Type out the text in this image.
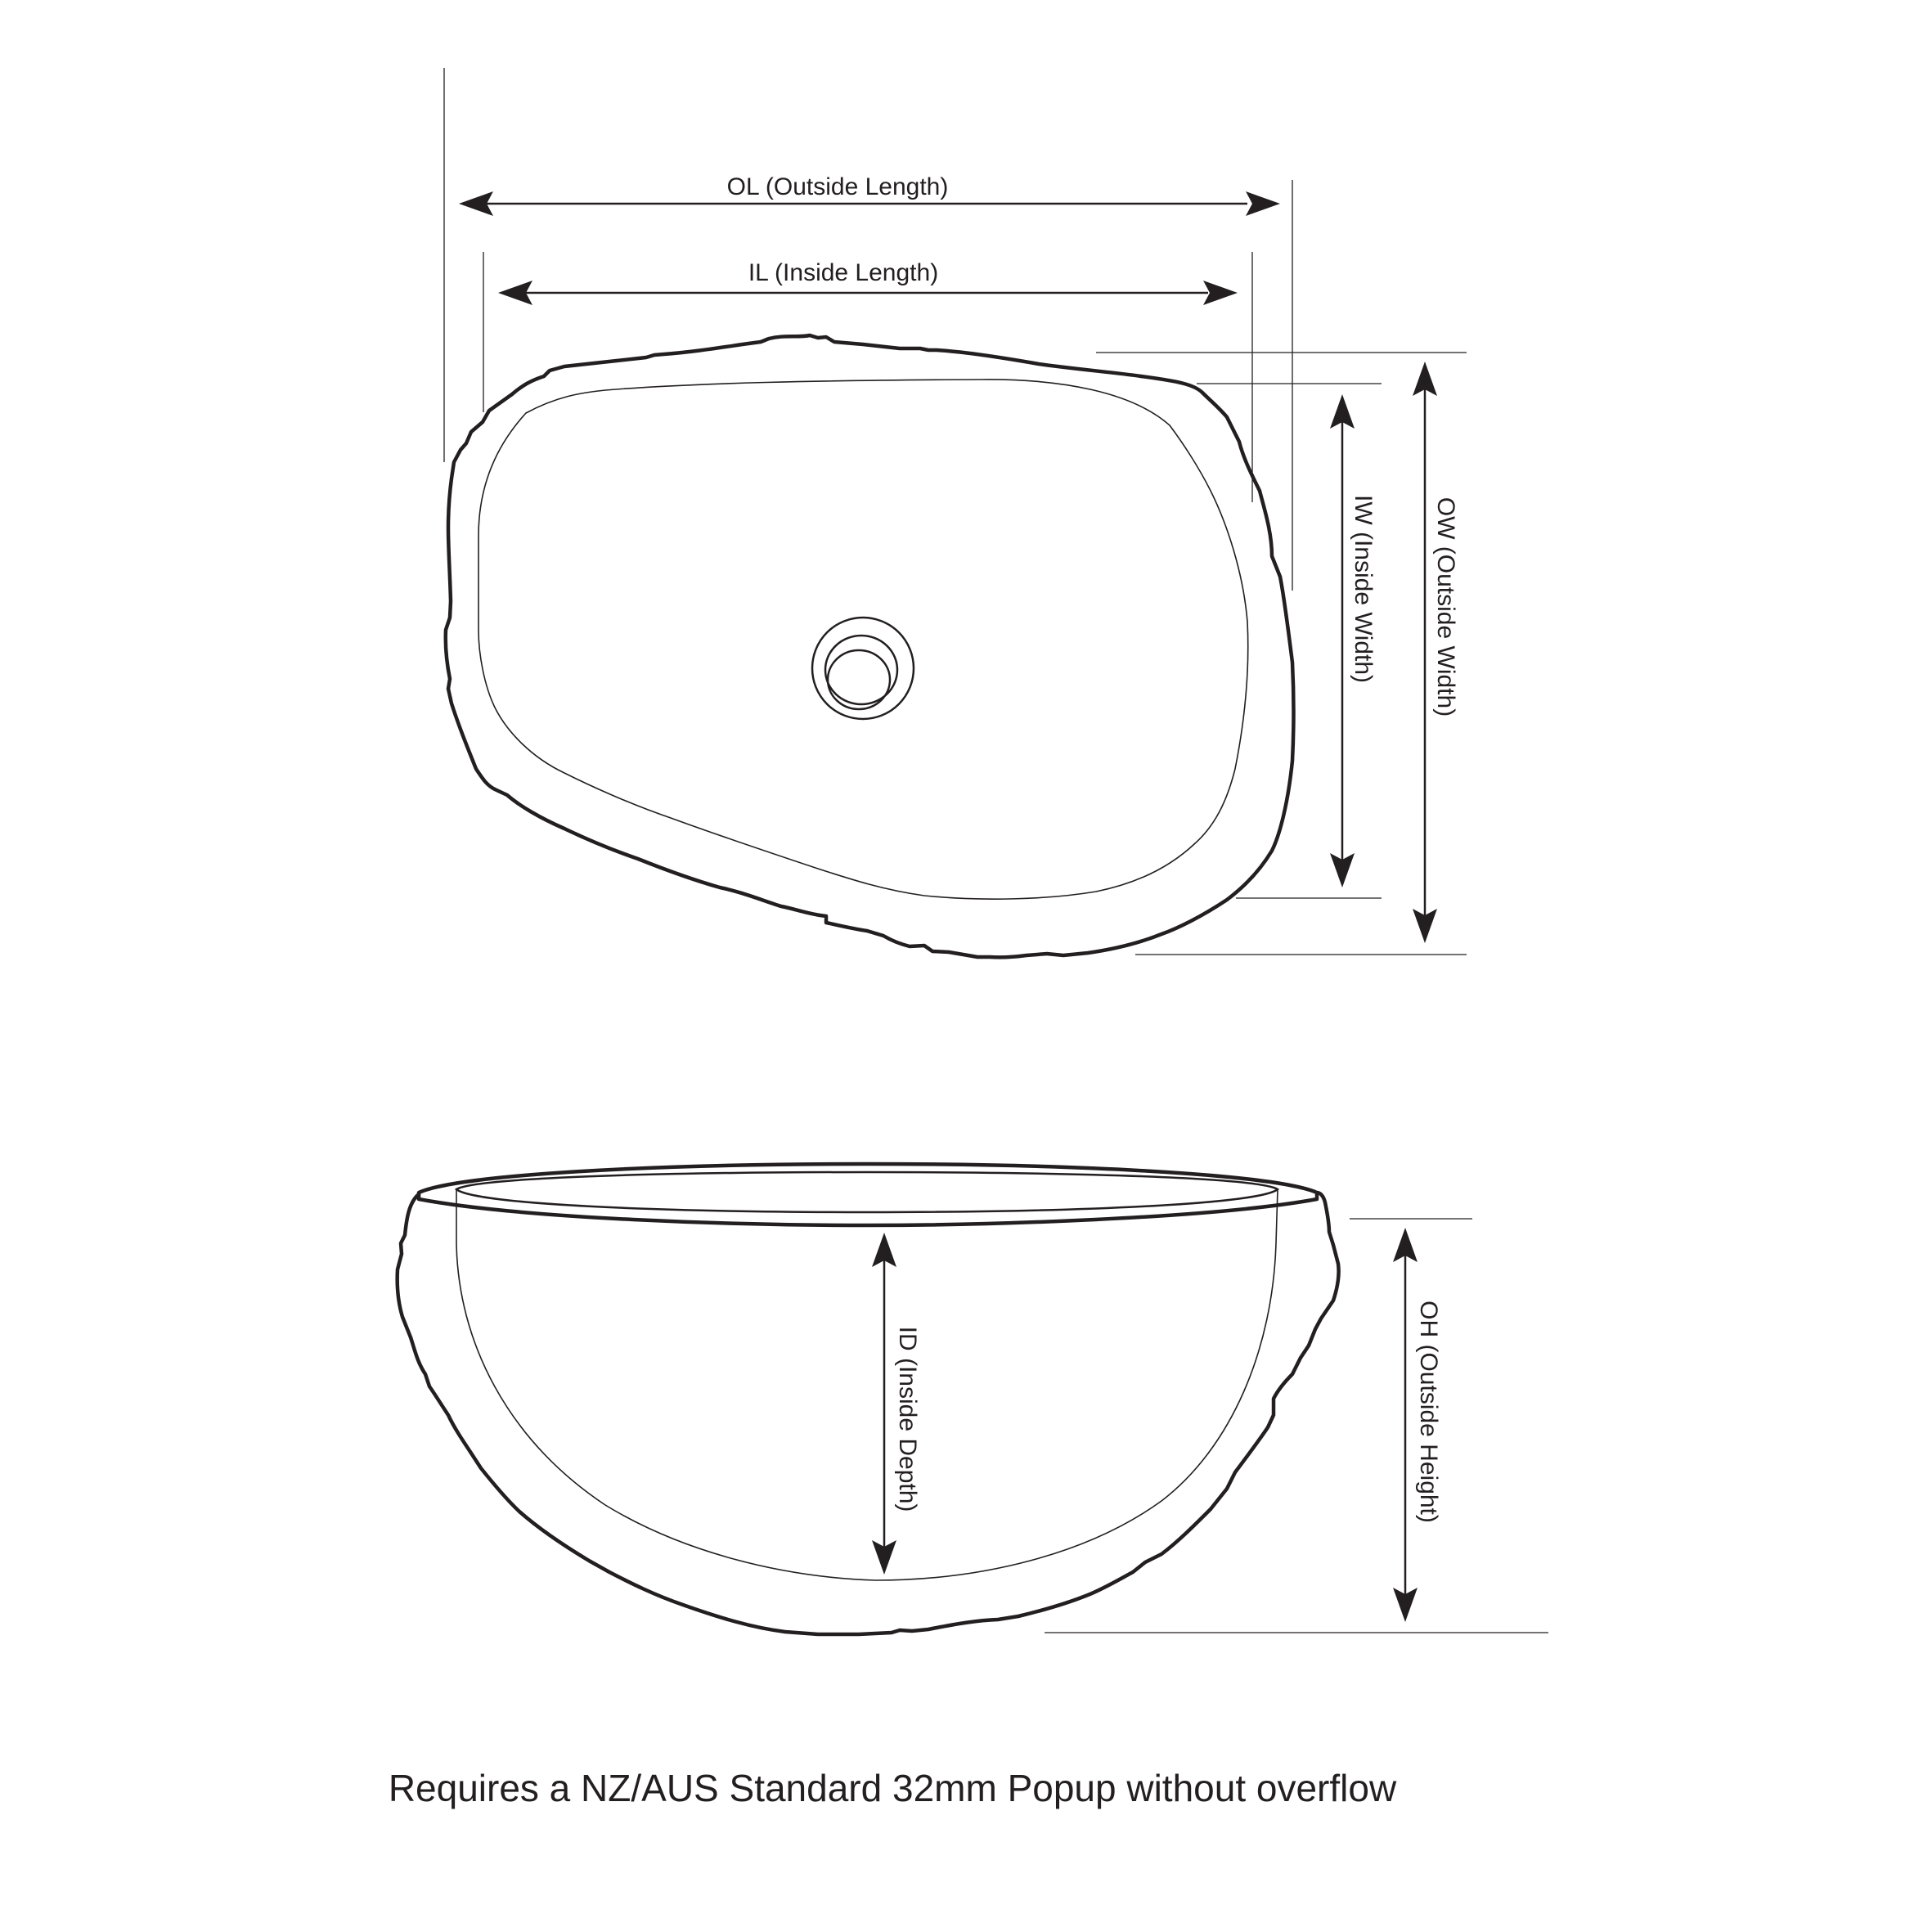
OL (Outside Length)
IL (Inside Length)
IW (Inside Width) OW (Outside Width)
ID (Inside Depth)	OH (Outside Height)
Requires a NZ/AUS Standard 32mm Popup without overflow
